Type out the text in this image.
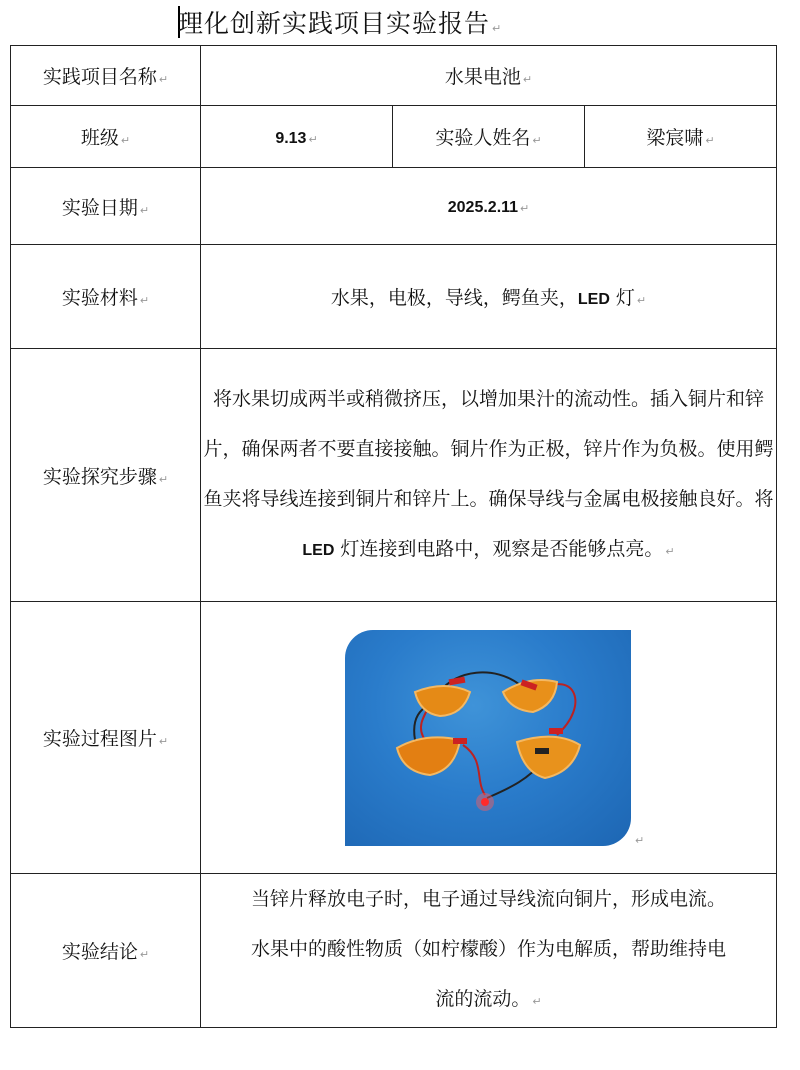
理化创新实践项目实验报告 ↵
实践项目名称 ↵	水果电池 ↵		
班级 ↵	9.13 ↵	实验人姓名 ↵	梁宸啸 ↵
实验日期 ↵	2025.2.11 ↵		
实验材料 ↵	水果，电极，导线，鳄鱼夹，LED 灯 ↵		
实验探究步骤 ↵	将水果切成两半或稍微挤压，以增加果汁的流动性。插入铜片和锌片，确保两者不要直接接触。铜片作为正极，锌片作为负极。使用鳄鱼夹将导线连接到铜片和锌片上。确保导线与金属电极接触良好。将 LED 灯连接到电路中，观察是否能够点亮。 ↵		
实验过程图片 ↵	↵		

实验结论 ↵	当锌片释放电子时，电子通过导线流向铜片，形成电流。
水果中的酸性物质（如柠檬酸）作为电解质，帮助维持电

流的流动。 ↵		
